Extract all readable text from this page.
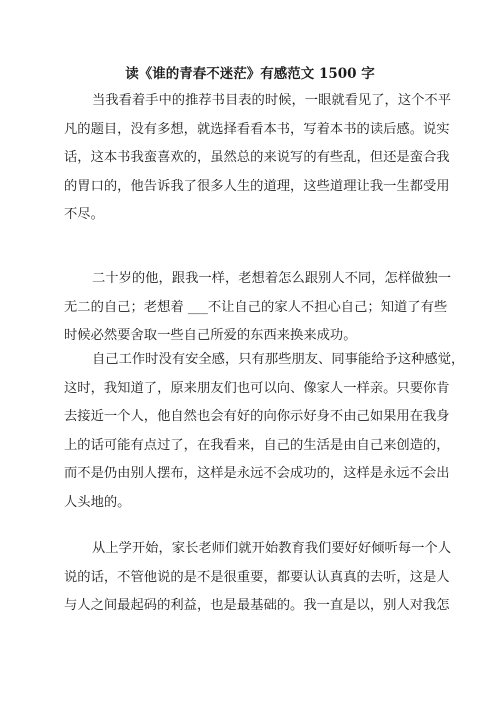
读《谁的青春不迷茫》有感范文 1500 字
当我看着手中的推荐书目表的时候，一眼就看见了，这个不平
凡的题目，没有多想，就选择看看本书，写着本书的读后感。说实
话，这本书我蛮喜欢的，虽然总的来说写的有些乱，但还是蛮合我
的胃口的，他告诉我了很多人生的道理，这些道理让我一生都受用
不尽。
二十岁的他，跟我一样，老想着怎么跟别人不同，怎样做独一
无二的自己；老想着 ___不让自己的家人不担心自己；知道了有些
时候必然要舍取一些自己所爱的东西来换来成功。
自己工作时没有安全感，只有那些朋友、同事能给予这种感觉，
这时，我知道了，原来朋友们也可以向、像家人一样亲。只要你肯
去接近一个人，他自然也会有好的向你示好身不由己如果用在我身
上的话可能有点过了，在我看来，自己的生活是由自己来创造的，
而不是仍由别人摆布，这样是永远不会成功的，这样是永远不会出
人头地的。
从上学开始，家长老师们就开始教育我们要好好倾听每一个人
说的话，不管他说的是不是很重要，都要认认真真的去听，这是人
与人之间最起码的利益，也是最基础的。我一直是以，别人对我怎
